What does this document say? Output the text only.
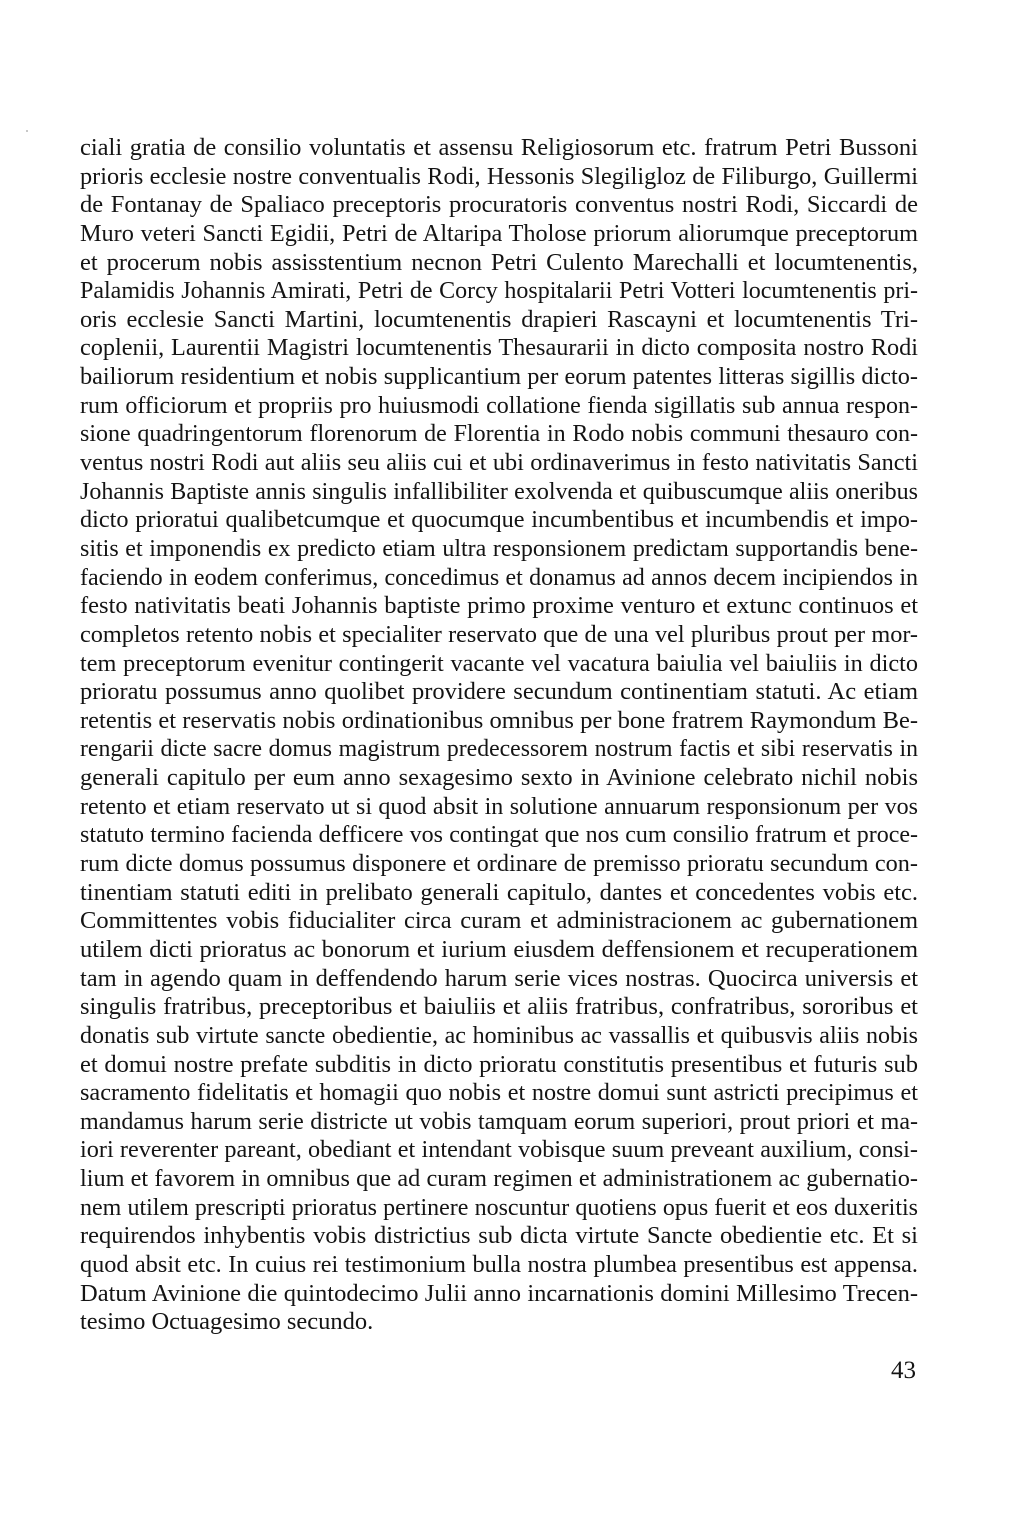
ciali gratia de consilio voluntatis et assensu Religiosorum etc. fratrum Petri Bussoni
prioris ecclesie nostre conventualis Rodi, Hessonis Slegiligloz de Filiburgo, Guillermi
de Fontanay de Spaliaco preceptoris procuratoris conventus nostri Rodi, Siccardi de
Muro veteri Sancti Egidii, Petri de Altaripa Tholose priorum aliorumque preceptorum
et procerum nobis assisstentium necnon Petri Culento Marechalli et locumtenentis,
Palamidis Johannis Amirati, Petri de Corcy hospitalarii Petri Votteri locumtenentis pri-
oris ecclesie Sancti Martini, locumtenentis drapieri Rascayni et locumtenentis Tri-
coplenii, Laurentii Magistri locumtenentis Thesaurarii in dicto composita nostro Rodi
bailiorum residentium et nobis supplicantium per eorum patentes litteras sigillis dicto-
rum officiorum et propriis pro huiusmodi collatione fienda sigillatis sub annua respon-
sione quadringentorum florenorum de Florentia in Rodo nobis communi thesauro con-
ventus nostri Rodi aut aliis seu aliis cui et ubi ordinaverimus in festo nativitatis Sancti
Johannis Baptiste annis singulis infallibiliter exolvenda et quibuscumque aliis oneribus
dicto prioratui qualibetcumque et quocumque incumbentibus et incumbendis et impo-
sitis et imponendis ex predicto etiam ultra responsionem predictam supportandis bene-
faciendo in eodem conferimus, concedimus et donamus ad annos decem incipiendos in
festo nativitatis beati Johannis baptiste primo proxime venturo et extunc continuos et
completos retento nobis et specialiter reservato que de una vel pluribus prout per mor-
tem preceptorum evenitur contingerit vacante vel vacatura baiulia vel baiuliis in dicto
prioratu possumus anno quolibet providere secundum continentiam statuti. Ac etiam
retentis et reservatis nobis ordinationibus omnibus per bone fratrem Raymondum Be-
rengarii dicte sacre domus magistrum predecessorem nostrum factis et sibi reservatis in
generali capitulo per eum anno sexagesimo sexto in Avinione celebrato nichil nobis
retento et etiam reservato ut si quod absit in solutione annuarum responsionum per vos
statuto termino facienda defficere vos contingat que nos cum consilio fratrum et proce-
rum dicte domus possumus disponere et ordinare de premisso prioratu secundum con-
tinentiam statuti editi in prelibato generali capitulo, dantes et concedentes vobis etc.
Committentes vobis fiducialiter circa curam et administracionem ac gubernationem
utilem dicti prioratus ac bonorum et iurium eiusdem deffensionem et recuperationem
tam in agendo quam in deffendendo harum serie vices nostras. Quocirca universis et
singulis fratribus, preceptoribus et baiuliis et aliis fratribus, confratribus, sororibus et
donatis sub virtute sancte obedientie, ac hominibus ac vassallis et quibusvis aliis nobis
et domui nostre prefate subditis in dicto prioratu constitutis presentibus et futuris sub
sacramento fidelitatis et homagii quo nobis et nostre domui sunt astricti precipimus et
mandamus harum serie districte ut vobis tamquam eorum superiori, prout priori et ma-
iori reverenter pareant, obediant et intendant vobisque suum preveant auxilium, consi-
lium et favorem in omnibus que ad curam regimen et administrationem ac gubernatio-
nem utilem prescripti prioratus pertinere noscuntur quotiens opus fuerit et eos duxeritis
requirendos inhybentis vobis districtius sub dicta virtute Sancte obedientie etc. Et si
quod absit etc. In cuius rei testimonium bulla nostra plumbea presentibus est appensa.
Datum Avinione die quintodecimo Julii anno incarnationis domini Millesimo Trecen-
tesimo Octuagesimo secundo.
43
